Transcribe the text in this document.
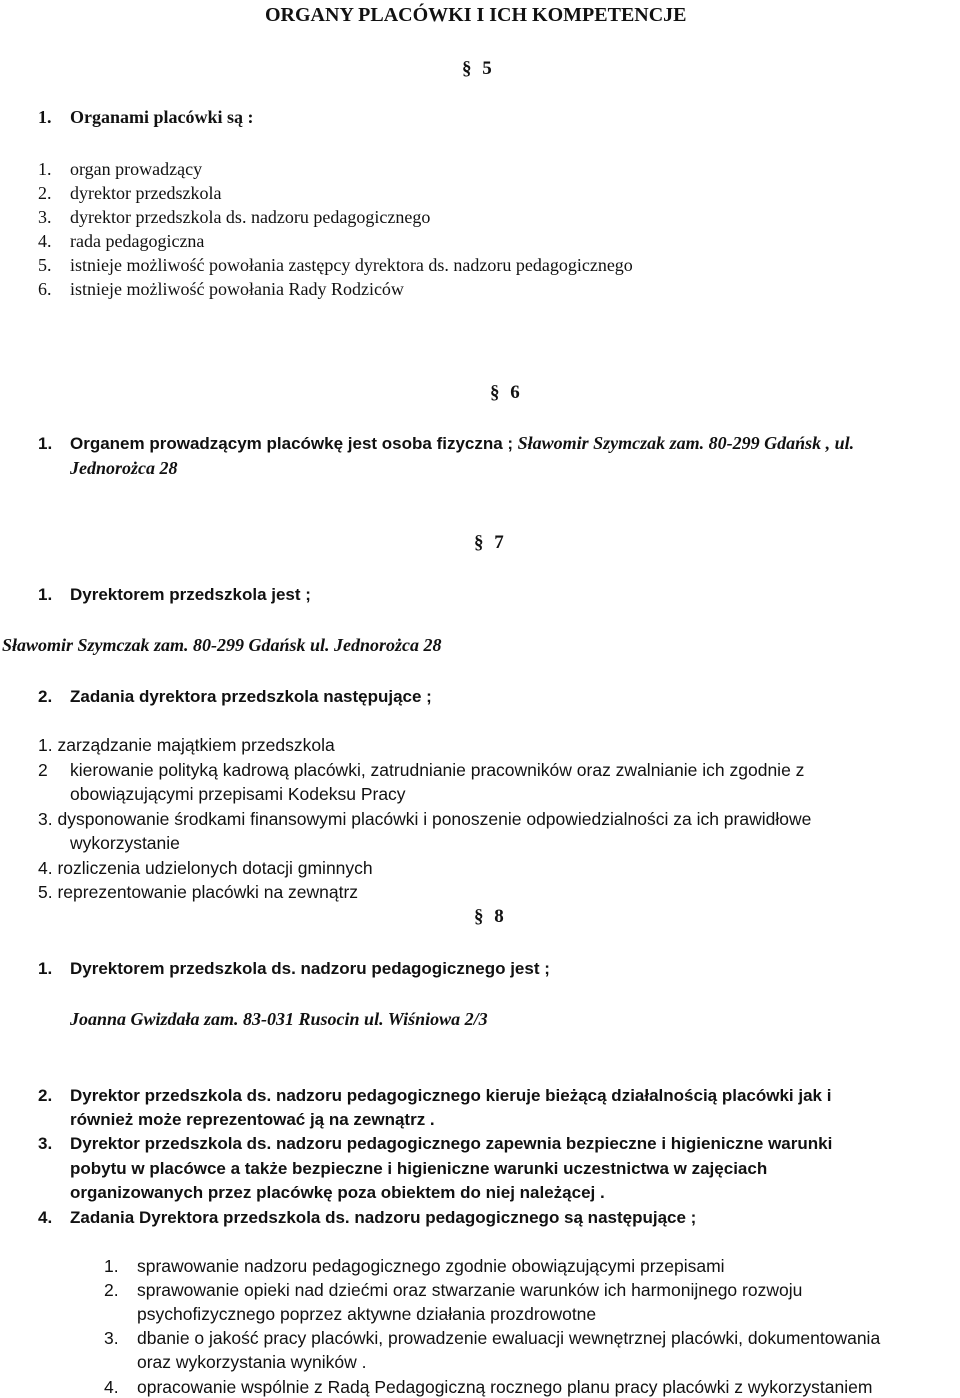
ORGANY PLACÓWKI I ICH KOMPETENCJE
§ 5
1. Organami placówki są :
1. organ prowadzący
2. dyrektor przedszkola
3. dyrektor przedszkola ds. nadzoru pedagogicznego
4. rada pedagogiczna
5. istnieje możliwość powołania zastępcy dyrektora ds. nadzoru pedagogicznego
6. istnieje możliwość powołania Rady Rodziców
§ 6
1. Organem prowadzącym placówkę jest osoba fizyczna ; Sławomir Szymczak zam. 80-299 Gdańsk , ul.
Jednorożca 28
§ 7
1. Dyrektorem przedszkola jest ;
Sławomir Szymczak zam. 80-299 Gdańsk ul. Jednorożca 28
2. Zadania dyrektora przedszkola następujące ;
1. zarządzanie majątkiem przedszkola
2 kierowanie polityką kadrową placówki, zatrudnianie pracowników oraz zwalnianie ich zgodnie z
obowiązującymi przepisami Kodeksu Pracy
3. dysponowanie środkami finansowymi placówki i ponoszenie odpowiedzialności za ich prawidłowe
wykorzystanie
4. rozliczenia udzielonych dotacji gminnych
5. reprezentowanie placówki na zewnątrz
§ 8
1. Dyrektorem przedszkola ds. nadzoru pedagogicznego jest ;
Joanna Gwizdała zam. 83-031 Rusocin ul. Wiśniowa 2/3
2. Dyrektor przedszkola ds. nadzoru pedagogicznego kieruje bieżącą działalnością placówki jak i
również może reprezentować ją na zewnątrz .
3. Dyrektor przedszkola ds. nadzoru pedagogicznego zapewnia bezpieczne i higieniczne warunki
pobytu w placówce a także bezpieczne i higieniczne warunki uczestnictwa w zajęciach
organizowanych przez placówkę poza obiektem do niej należącej .
4. Zadania Dyrektora przedszkola ds. nadzoru pedagogicznego są następujące ;
1. sprawowanie nadzoru pedagogicznego zgodnie obowiązującymi przepisami
2. sprawowanie opieki nad dziećmi oraz stwarzanie warunków ich harmonijnego rozwoju
psychofizycznego poprzez aktywne działania prozdrowotne
3. dbanie o jakość pracy placówki, prowadzenie ewaluacji wewnętrznej placówki, dokumentowania
oraz wykorzystania wyników .
4. opracowanie wspólnie z Radą Pedagogiczną rocznego planu pracy placówki z wykorzystaniem
